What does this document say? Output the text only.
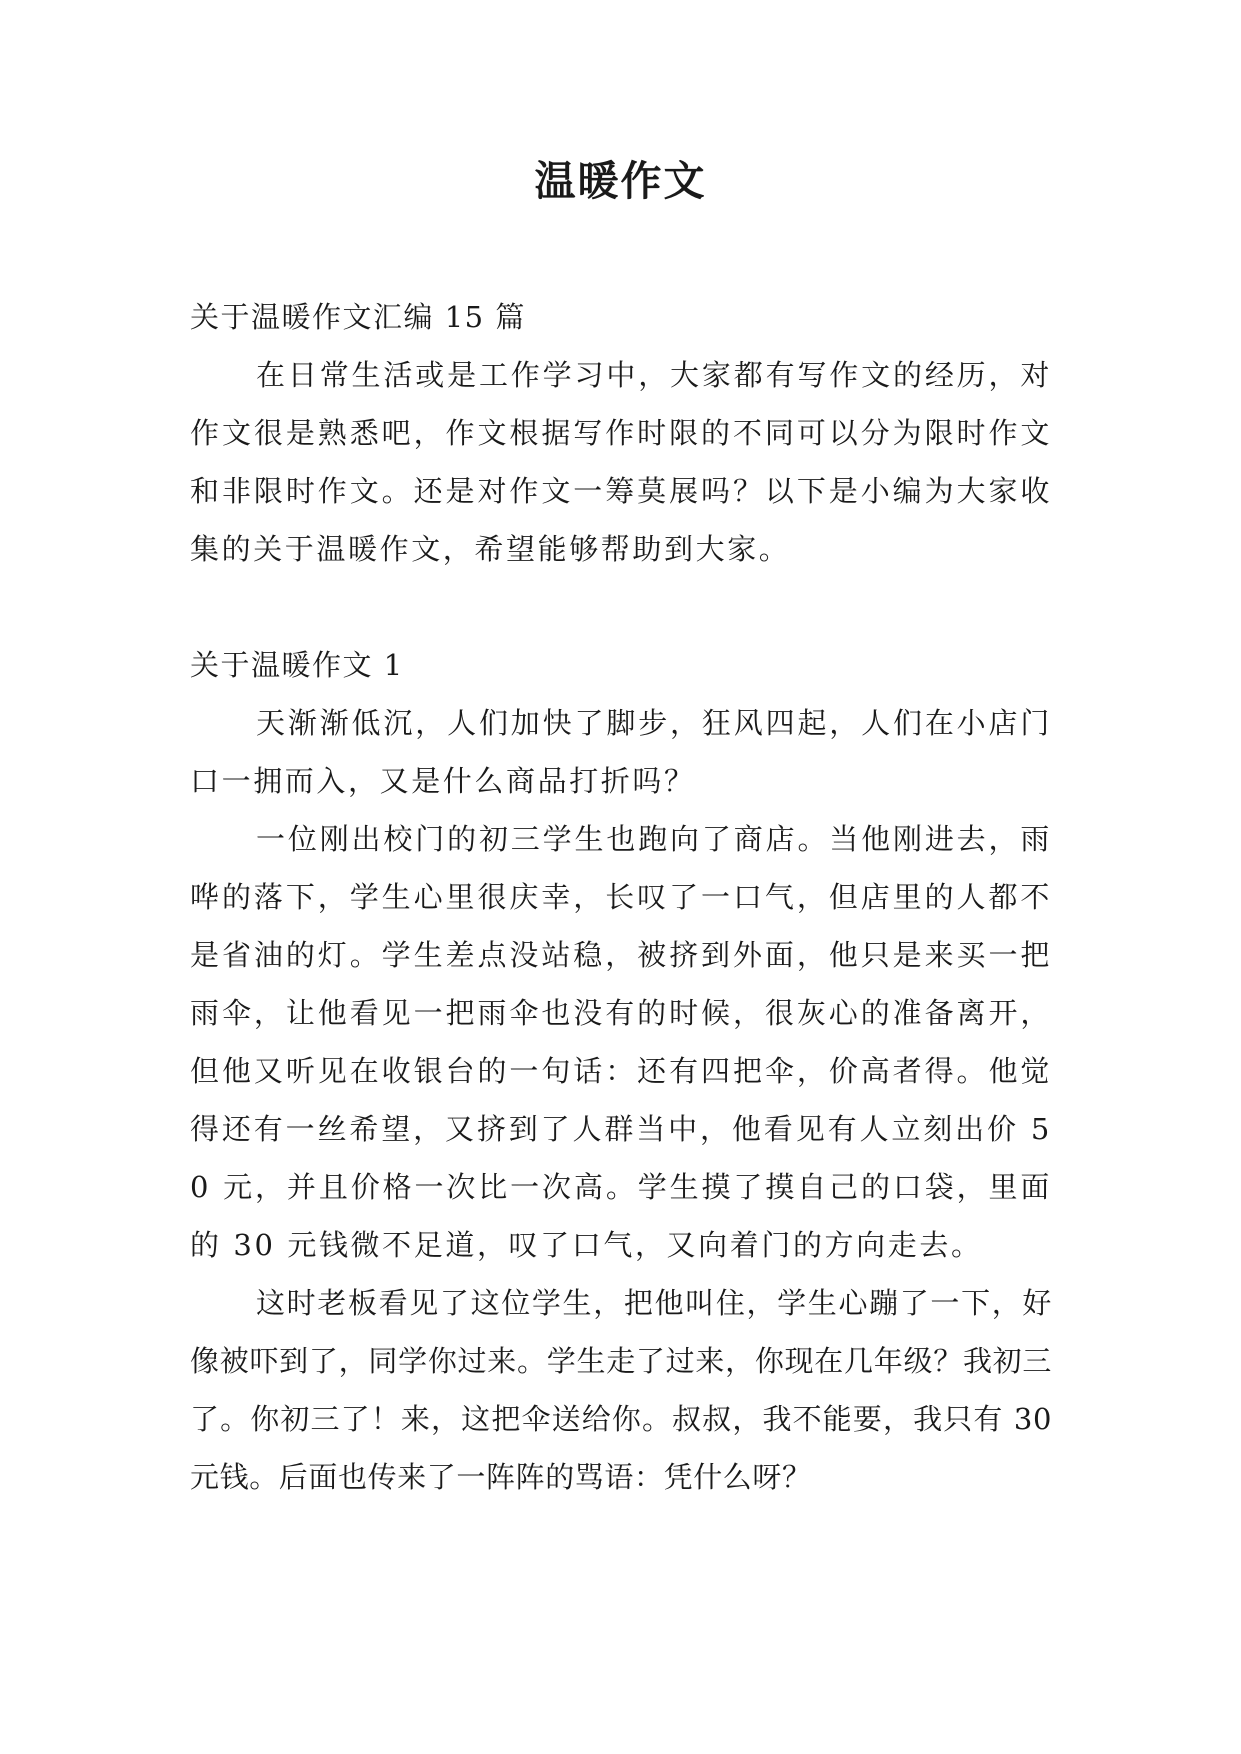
温暖作文

关于温暖作文汇编 15 篇

在日常生活或是工作学习中，大家都有写作文的经历，对作文很是熟悉吧，作文根据写作时限的不同可以分为限时作文和非限时作文。还是对作文一筹莫展吗？以下是小编为大家收集的关于温暖作文，希望能够帮助到大家。

关于温暖作文 1

天渐渐低沉，人们加快了脚步，狂风四起，人们在小店门口一拥而入，又是什么商品打折吗？

一位刚出校门的初三学生也跑向了商店。当他刚进去，雨哗的落下，学生心里很庆幸，长叹了一口气，但店里的人都不是省油的灯。学生差点没站稳，被挤到外面，他只是来买一把雨伞，让他看见一把雨伞也没有的时候，很灰心的准备离开，但他又听见在收银台的一句话：还有四把伞，价高者得。他觉得还有一丝希望，又挤到了人群当中，他看见有人立刻出价 50 元，并且价格一次比一次高。学生摸了摸自己的口袋，里面的 30 元钱微不足道，叹了口气，又向着门的方向走去。

这时老板看见了这位学生，把他叫住，学生心蹦了一下，好像被吓到了，同学你过来。学生走了过来，你现在几年级？我初三了。你初三了！来，这把伞送给你。叔叔，我不能要，我只有 30 元钱。后面也传来了一阵阵的骂语：凭什么呀？
